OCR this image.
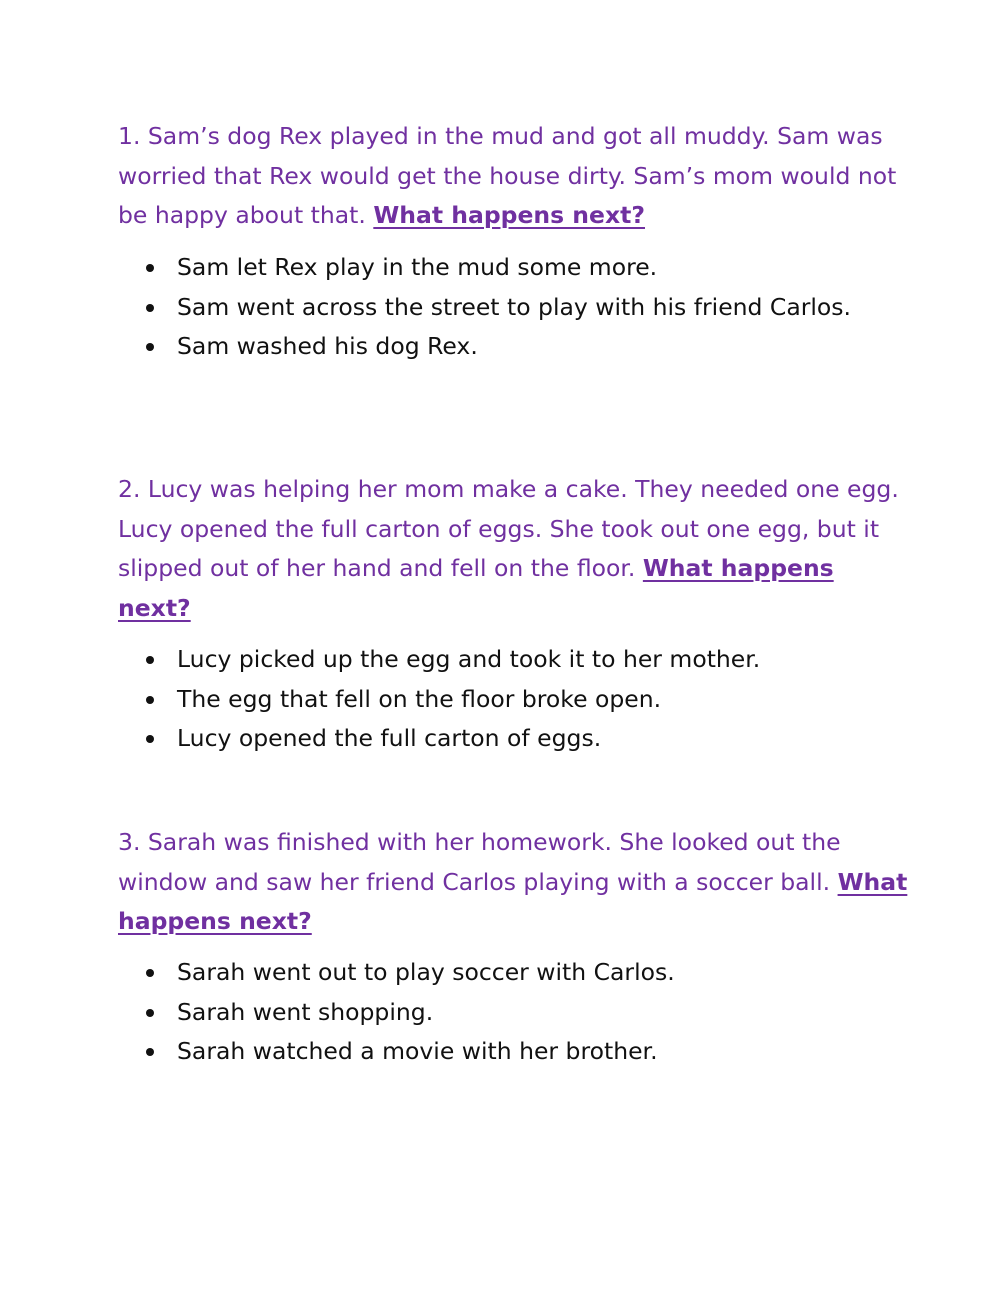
1. Sam’s dog Rex played in the mud and got all muddy. Sam was worried that Rex would get the house dirty. Sam’s mom would not be happy about that. What happens next?

Sam let Rex play in the mud some more.
Sam went across the street to play with his friend Carlos.
Sam washed his dog Rex.

2. Lucy was helping her mom make a cake. They needed one egg. Lucy opened the full carton of eggs. She took out one egg, but it slipped out of her hand and fell on the floor. What happens next?

Lucy picked up the egg and took it to her mother.
The egg that fell on the floor broke open.
Lucy opened the full carton of eggs.

3. Sarah was finished with her homework. She looked out the window and saw her friend Carlos playing with a soccer ball. What happens next?

Sarah went out to play soccer with Carlos.
Sarah went shopping.
Sarah watched a movie with her brother.
